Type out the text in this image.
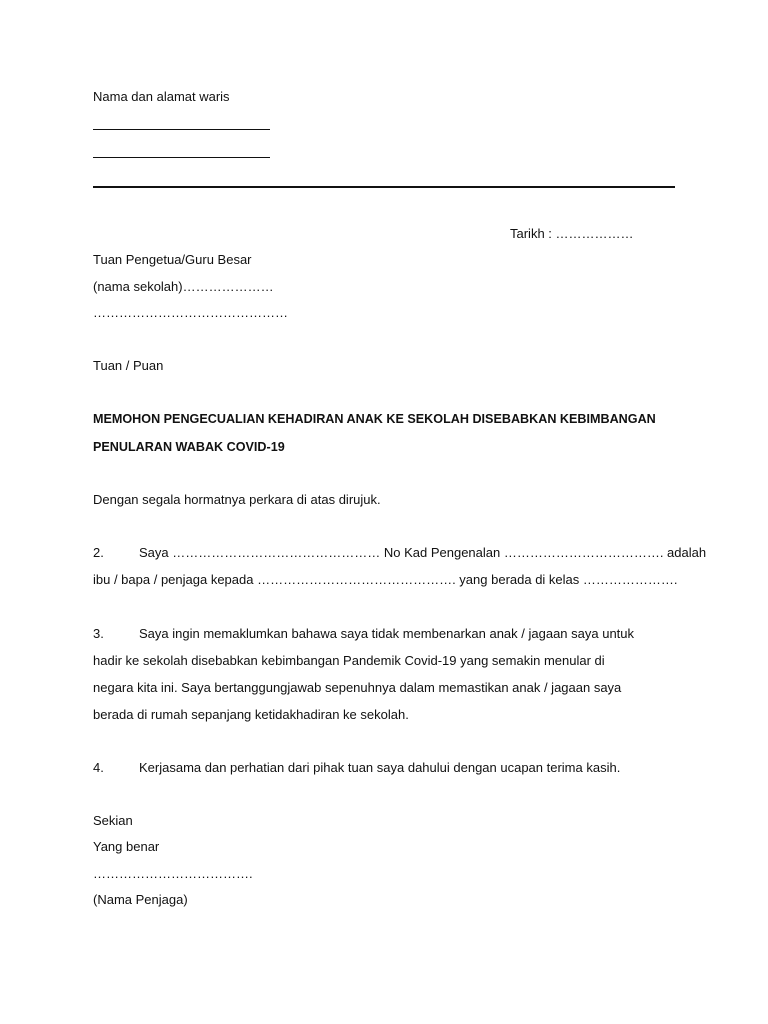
Nama dan alamat waris
Tarikh : ………………
Tuan Pengetua/Guru Besar
(nama sekolah)…………………
………………………………………
Tuan / Puan
MEMOHON PENGECUALIAN KEHADIRAN ANAK KE SEKOLAH DISEBABKAN KEBIMBANGAN
PENULARAN WABAK COVID-19
Dengan segala hormatnya perkara di atas dirujuk.
2.	Saya ………………………………………… No Kad Pengenalan ………………………………. adalah
ibu / bapa / penjaga kepada ………………………………………. yang berada di kelas ………………….
3.	Saya ingin memaklumkan bahawa saya tidak membenarkan anak / jagaan saya untuk
hadir ke sekolah disebabkan kebimbangan Pandemik Covid-19 yang semakin menular di
negara kita ini. Saya bertanggungjawab sepenuhnya dalam memastikan anak / jagaan saya
berada di rumah sepanjang ketidakhadiran ke sekolah.
4.	Kerjasama dan perhatian dari pihak tuan saya dahului dengan ucapan terima kasih.
Sekian
Yang benar
……………………………….
(Nama Penjaga)
